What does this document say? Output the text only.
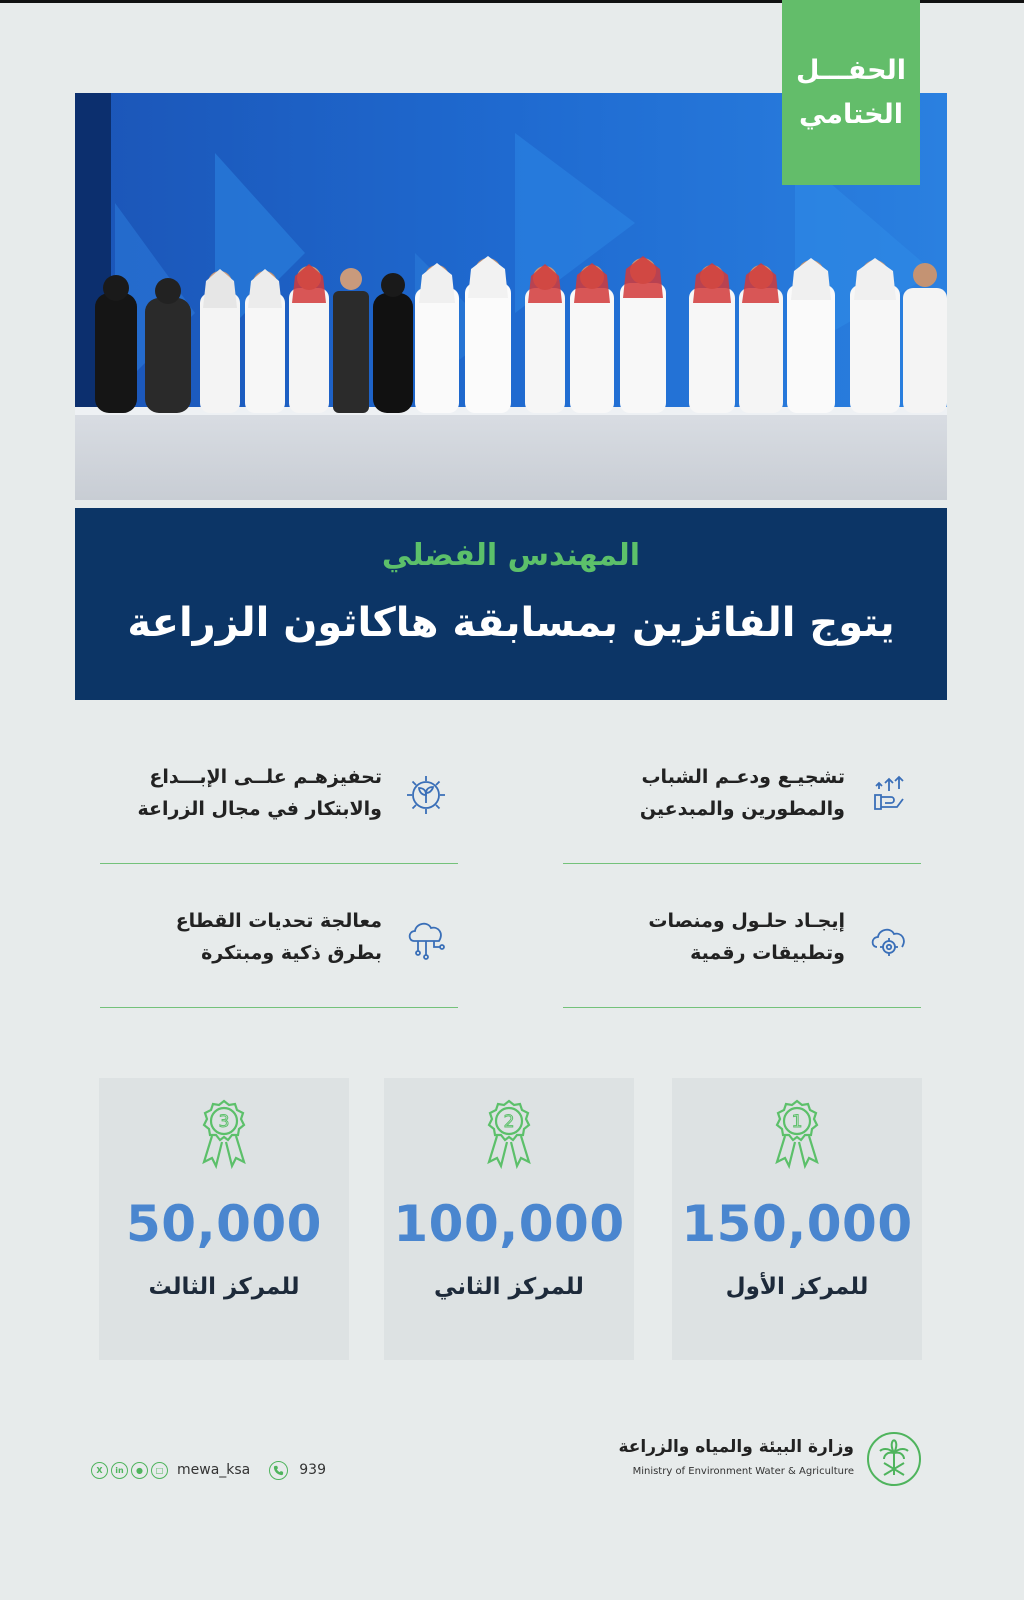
الحفـــل
الختامي
المهندس الفضلي
يتوج الفائزين بمسابقة هاكاثون الزراعة
تشجيـع ودعـم الشباب
والمطورين والمبدعين
تحفيزهـم علــى الإبـــداع
والابتكار في مجال الزراعة
إيجـاد حلـول ومنصات
وتطبيقات رقمية
معالجة تحديات القطاع
بطرق ذكية ومبتكرة
1
150,000
للمركز الأول
2
100,000
للمركز الثاني
3
50,000
للمركز الثالث
وزارة البيئة والمياه والزراعة
Ministry of Environment Water & Agriculture
X	in	●	□ mewa_ksa	939
